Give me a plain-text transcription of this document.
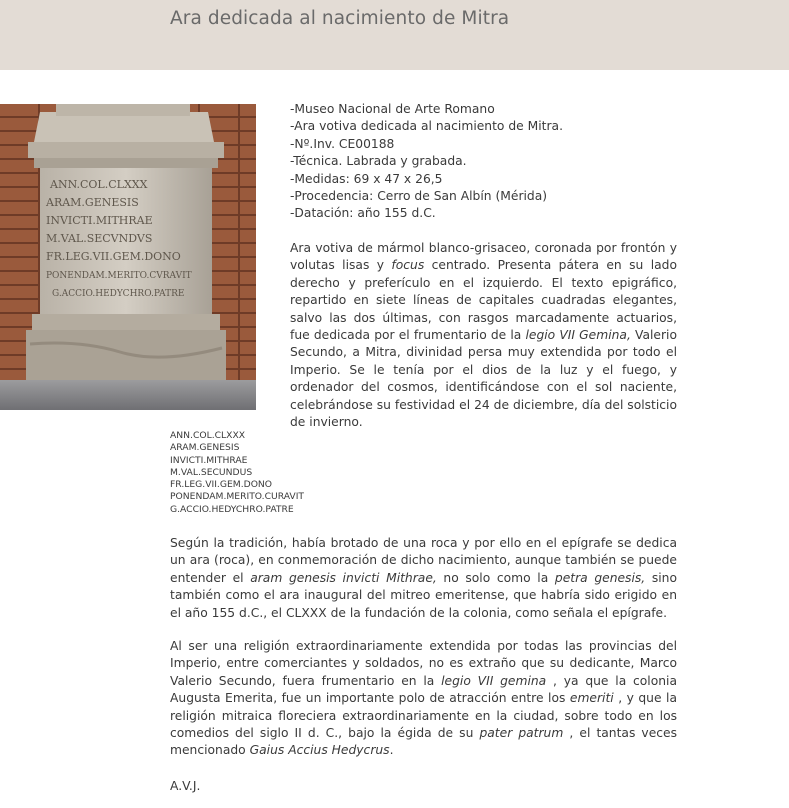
Ara dedicada al nacimiento de Mitra
ANN.COL.CLXXX
ARAM.GENESIS
INVICTI.MITHRAE
M.VAL.SECVNDVS
FR.LEG.VII.GEM.DONO
PONENDAM.MERITO.CVRAVIT
G.ACCIO.HEDYCHRO.PATRE
-Museo Nacional de Arte Romano
-Ara votiva dedicada al nacimiento de Mitra.
-Nº.Inv. CE00188
-Técnica. Labrada y grabada.
-Medidas: 69 x 47 x 26,5
-Procedencia: Cerro de San Albín (Mérida)
-Datación: año 155 d.C.

Ara votiva de mármol blanco-grisaceo, coronada por frontón y volutas lisas y focus centrado. Presenta pátera en su lado derecho y preferículo en el izquierdo. El texto epigráfico, repartido en siete líneas de capitales cuadradas elegantes, salvo las dos últimas, con rasgos marcadamente actuarios, fue dedicada por el frumentario de la legio VII Gemina, Valerio Secundo, a Mitra, divinidad persa muy extendida por todo el Imperio. Se le tenía por el dios de la luz y el fuego, y ordenador del cosmos, identificándose con el sol naciente, celebrándose su festividad el 24 de diciembre, día del solsticio de invierno.

ANN.COL.CLXXX
ARAM.GENESIS
INVICTI.MITHRAE
M.VAL.SECUNDUS
FR.LEG.VII.GEM.DONO
PONENDAM.MERITO.CURAVIT
G.ACCIO.HEDYCHRO.PATRE

Según la tradición, había brotado de una roca y por ello en el epígrafe se dedica un ara (roca), en conmemoración de dicho nacimiento, aunque también se puede entender el aram genesis invicti Mithrae, no solo como la petra genesis, sino también como el ara inaugural del mitreo emeritense, que habría sido erigido en el año 155 d.C., el CLXXX de la fundación de la colonia, como señala el epígrafe.

Al ser una religión extraordinariamente extendida por todas las provincias del Imperio, entre comerciantes y soldados, no es extraño que su dedicante, Marco Valerio Secundo, fuera frumentario en la legio VII gemina , ya que la colonia Augusta Emerita, fue un importante polo de atracción entre los emeriti , y que la religión mitraica floreciera extraordinariamente en la ciudad, sobre todo en los comedios del siglo II d. C., bajo la égida de su pater patrum , el tantas veces mencionado Gaius Accius Hedycrus.

A.V.J.
